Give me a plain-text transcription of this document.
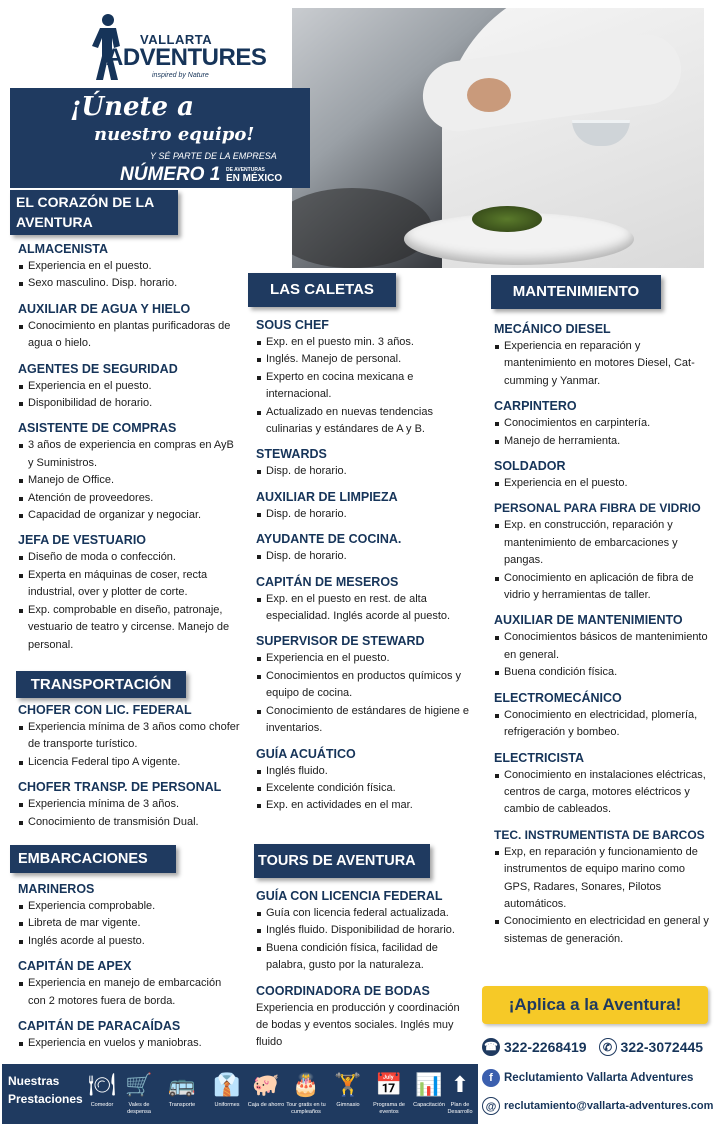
VALLARTA
ADVENTURES
inspired by Nature
¡Únete a
nuestro equipo!
Y SÉ PARTE DE LA EMPRESA
NÚMERO 1 DE AVENTURAS
EN MÉXICO
EL CORAZÓN DE LA AVENTURA
ALMACENISTA
Experiencia en el puesto.
Sexo masculino. Disp. horario.
AUXILIAR DE AGUA Y HIELO
Conocimiento en plantas purificadoras de agua o hielo.
AGENTES DE SEGURIDAD
Experiencia en el puesto.
Disponibilidad de horario.
ASISTENTE DE COMPRAS
3 años de experiencia en compras en AyB y Suministros.
Manejo de Office.
Atención de proveedores.
Capacidad de organizar y negociar.
JEFA DE VESTUARIO
Diseño de moda o confección.
Experta en máquinas de coser, recta industrial, over y plotter de corte.
Exp. comprobable en diseño, patronaje, vestuario de teatro y circense. Manejo de personal.
TRANSPORTACIÓN
CHOFER CON LIC. FEDERAL
Experiencia mínima de 3 años como chofer de transporte turístico.
Licencia Federal tipo A vigente.
CHOFER TRANSP. DE PERSONAL
Experiencia mínima de 3 años.
Conocimiento de transmisión Dual.
EMBARCACIONES
MARINEROS
Experiencia comprobable.
Libreta de mar vigente.
Inglés acorde al puesto.
CAPITÁN DE APEX
Experiencia en manejo de embarcación con 2 motores fuera de borda.
CAPITÁN DE PARACAÍDAS
Experiencia en vuelos y maniobras.
LAS CALETAS
SOUS CHEF
Exp. en el puesto min. 3 años.
Inglés. Manejo de personal.
Experto en cocina mexicana e internacional.
Actualizado en nuevas tendencias culinarias y estándares de A y B.
STEWARDS
Disp. de horario.
AUXILIAR DE LIMPIEZA
Disp. de horario.
AYUDANTE DE COCINA.
Disp. de horario.
CAPITÁN DE MESEROS
Exp. en el puesto en rest. de alta especialidad. Inglés acorde al puesto.
SUPERVISOR DE STEWARD
Experiencia en el puesto.
Conocimientos en productos químicos y equipo de cocina.
Conocimiento de estándares de higiene e inventarios.
GUÍA ACUÁTICO
Inglés fluido.
Excelente condición física.
Exp. en actividades en el mar.
TOURS DE AVENTURA
GUÍA CON LICENCIA FEDERAL
Guía con licencia federal actualizada.
Inglés fluido. Disponibilidad de horario.
Buena condición física, facilidad de palabra, gusto por la naturaleza.
COORDINADORA DE BODAS
Experiencia en producción y coordinación de bodas y eventos sociales. Inglés muy fluido
MANTENIMIENTO
MECÁNICO DIESEL
Experiencia en reparación y mantenimiento en motores Diesel, Cat-cumming y Yanmar.
CARPINTERO
Conocimientos en carpintería.
Manejo de herramienta.
SOLDADOR
Experiencia en el puesto.
PERSONAL PARA FIBRA DE VIDRIO
Exp. en construcción, reparación y mantenimiento de embarcaciones y pangas.
Conocimiento en aplicación de fibra de vidrio y herramientas de taller.
AUXILIAR DE MANTENIMIENTO
Conocimientos básicos de mantenimiento en general.
Buena condición física.
ELECTROMECÁNICO
Conocimiento en electricidad, plomería, refrigeración y bombeo.
ELECTRICISTA
Conocimiento en instalaciones eléctricas, centros de carga, motores eléctricos y cambio de cableados.
TEC. INSTRUMENTISTA DE BARCOS
Exp, en reparación y funcionamiento de instrumentos de equipo marino como GPS, Radares, Sonares, Pilotos automáticos.
Conocimiento en electricidad en general y sistemas de generación.
¡Aplica a la Aventura!
☎ 322-2268419	✆ 322-3072445
f Reclutamiento Vallarta Adventures
@ reclutamiento@vallarta-adventures.com
Nuestras
Prestaciones
🍽
Comedor
🛒
Vales de despensa
🚌
Transporte
👔
Uniformes
🐖
Caja de ahorro
🎂
Tour gratis en tu cumpleaños
🏋
Gimnasio
📅
Programa de eventos
📊
Capacitación
⬆
Plan de Desarrollo
